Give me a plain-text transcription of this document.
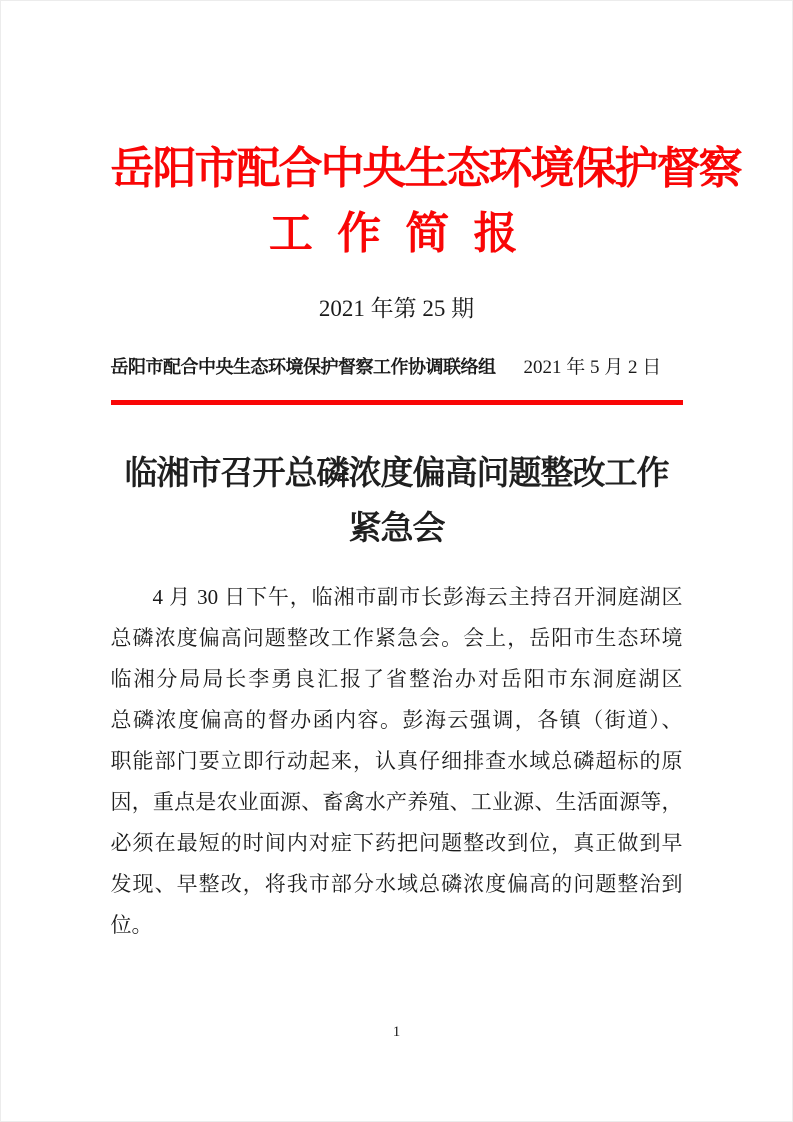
岳阳市配合中央生态环境保护督察
工 作 简 报
2021 年第 25 期
岳阳市配合中央生态环境保护督察工作协调联络组 2021 年 5 月 2 日
临湘市召开总磷浓度偏高问题整改工作
紧急会
4 月 30 日下午，临湘市副市长彭海云主持召开洞庭湖区
总磷浓度偏高问题整改工作紧急会。会上，岳阳市生态环境
临湘分局局长李勇良汇报了省整治办对岳阳市东洞庭湖区
总磷浓度偏高的督办函内容。彭海云强调，各镇（街道）、
职能部门要立即行动起来，认真仔细排查水域总磷超标的原
因，重点是农业面源、畜禽水产养殖、工业源、生活面源等，
必须在最短的时间内对症下药把问题整改到位，真正做到早
发现、早整改，将我市部分水域总磷浓度偏高的问题整治到
位。
1
